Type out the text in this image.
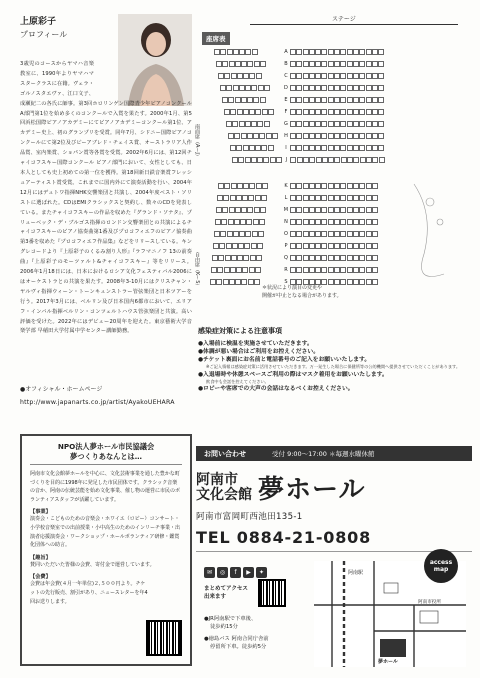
上原彩子
プロフィール
3歳児のコースからヤマハ音楽教室に、1990年よりヤマハマスタークラスに在籍。ヴェラ・ゴルノスタエヴァ、江口文子、成瀬紀二の各氏に師事。第3回ホロリンゲン国際青少年ピアノコンクールA部門第1位を始め多くのコンクールで入賞を果たす。2000年1月、第5回浜松国際ピアノアカデミーにてピアノアカデミーコンクール第1位、アカデミー史上、初のグランプリを受賞。同年7月、シドニー国際ピアノコンクールにて第2位及びビーアブレド・チェイス賞、オーストラリア人作品賞、室内楽賞、ショパン賞等各賞を受賞。2002年6月には、第12回チャイコフスキー国際コンクール ピアノ部門において、女性としても、日本人としても史上初めての第一位を獲得。第18回新日鉄音楽賞フレッシュアーティスト賞受賞。これまでに国内外にて演奏活動を行い、2004年12月にはデュトワ指揮NHK交響楽団と共演し、2004年度ベスト・ソリストに選ばれた。CDはEMIクラシックスと契約し、数々のCDを発表している。またチャイコフスキーの作品を収めた『グランド・ソナタ』、プリューベック・デ・ブルゴス指揮のロンドン交響楽団との共演によるチャイコフスキーのピアノ協奏曲第1番及びプロコフィエフのピアノ協奏曲第3番を収めた『プロコフィエフ作品集』などをリリースしている。キングレコードより『上原彩子のくるみ割り人形』『ラフマニノフ 13の前奏曲』『上原彩子のモーツァルト&チャイコフスキー』等をリリース。2006年1月18日には、日本におけるロシア文化フェスティバル2006にはオーケストラとの共演を果たす。2008年3-10月にはクリスチャン・ヤルヴィ指揮ウィーン・トーンキュンストラー管弦楽団と日本ツアーを行う。2017年3月には、ベルリン及び日本国内6都市において、エリアフ・インバル指揮ベルリン・コンツェルトハウス管弦楽団と共演。高い評価を受けた。2022年にはデビュー20周年を迎えた。東京藝術大学音楽学部 早稲田大学付属中学センター講師勤務。
●オフィシャル・ホームページ
http://www.japanarts.co.jp/artist/AyakoUEHARA
ステージ
座席表
A
B
C
D
E
F
G
H
I
J
K
L
M
N
O
P
Q
R
S
南面席（A～J）
自由席（K～S）	＊状況により演目の変更や
開催が中止となる場合があります。
感染症対策による注意事項
●入場前に検温を実施させていただきます。
●体調が悪い場合はご利用をお控えください。
●チケット裏面にお名前と電話番号のご記入をお願いいたします。
※ご記入情報は感染症対策に活用させていただきます。万一発生した場合に保健所等の公的機関へ提供させていただくことがあります。
●入退場時や休憩スペースご利用の際はマスク着用をお願いいたします。
飲食中も会話を控えてください。
●ロビーや客席での大声の会話はなるべくお控えください。
NPO法人夢ホール市民協議会
夢つくりあなんとは…
阿南市文化会館夢ホールを中心に、文化芸術事業を通した豊かな町づくりを目的に1998年に発足した市民団体です。クラシック音楽の音か、阿南の伝統芸能を始め文化事業、催し物の運営に市民のボランティアスタッフが活躍しています。
【事業】
演奏会・こどものための音楽会・ホワイエ（ロビー）コンサート・小学校音楽室での出前授業・小中高生のためのインリーチ事業・出演者応援演奏会・ワークショップ・ホールボランティア研修・鑑賞化団体への助言。
【趣旨】
賛同いただいた皆様の会費、寄付金で運営しています。
【会費】
会費は年会費(４月一年単位)２,５００円より。チケットの先行販売、割引があり、ニュースレターを年4回お送りします。
お問い合わせ	受付 9:00～17:00 ＊毎週水曜休館
阿南市
文化会館 夢ホール
阿南市富岡町西池田135-1
TEL 0884-21-0808
✉	◎	f	▶	✦
まとめてアクセス
出来ます
●JR阿南駅で下車後、
徒歩約15分
●徳島バス 阿南合同庁舎前
停留所下車。徒歩約5分
夢ホール
阿南駅
阿南市役所
access
map
